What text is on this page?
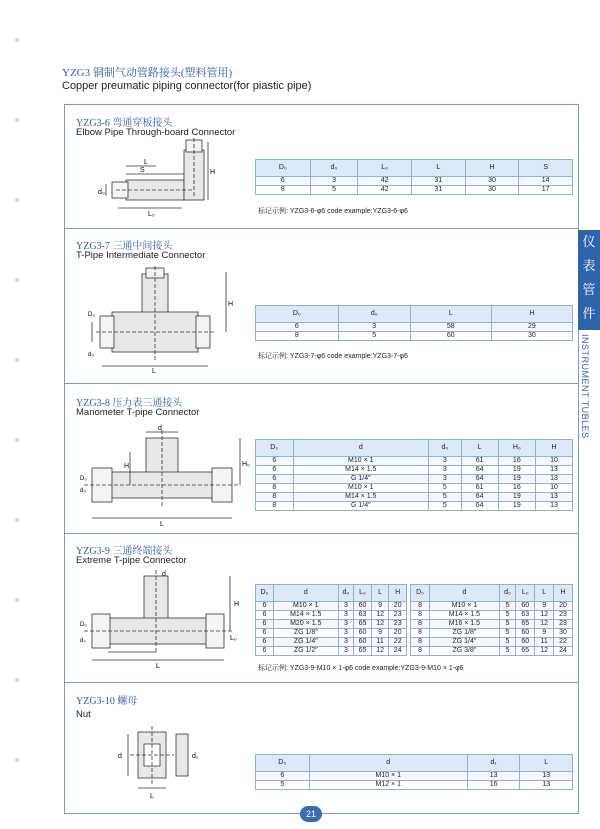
YZG3 铜制气动管路接头(塑料管用)
Copper preumatic piping connector(for piastic pipe)
仪
表
管
件
INSTRUMENT TUBLES
YZG3-6 弯通穿板接头
Elbow Pipe Through-board Connector
L
S	H
L₀
d₀
D₀	d₀	L₀	L	H	S
6	3	42	31	30	14
8	5	42	31	30	17
标记示例: YZG3-6-φ6 code example:YZG3-6-φ6
YZG3-7 三通中间接头
T-Pipe Intermediate Connector
H
L
d₀
D₀	D₀	d₀	L	H
6	3	58	29
8	5	60	30
标记示例: YZG3-7-φ6 code example:YZG3-7-φ6
YZG3-8 压力表三通接头
Manometer T-pipe Connector
d
H	H₀
L
d₀
D₀
D₀	d	d₀	L	H₀	H
6	M10 × 1	3	61	16	10
6	M14 × 1.5	3	64	19	13
6	G 1/4″	3	64	19	13
8	M10 × 1	5	61	16	10
8	M14 × 1.5	5	64	19	13
8	G 1/4″	5	64	19	13
YZG3-9 三通终端接头
Extreme T-pipe Connector
d
H
L
L₀
d₀
D₀
D₀	d	d₀	L₀	L	H
6	M10 × 1	3	60	9	20
6	M14 × 1.5	3	63	12	23
6	M20 × 1.5	3	65	12	23
6	ZG 1/8″	3	60	9	20
6	ZG 1/4″	3	60	11	22
6	ZG 1/2″	3	65	12	24
D₀	d	d₀	L₀	L	H
8	M10 × 1	5	60	9	20
8	M14 × 1.5	5	63	12	23
8	M16 × 1.5	5	65	12	23
8	ZG 1/8″	5	60	9	30
8	ZG 1/4″	5	60	11	22
8	ZG 3/8″	5	65	12	24
标记示例: YZG3-9-M10 × 1-φ6 code example:YZG3-9-M10 × 1-φ6
YZG3-10 螺母
Nut
d	d₁
L
D₀	d	d₁	L
6	M10 × 1	13	13
5	M12 × 1	16	13
21
